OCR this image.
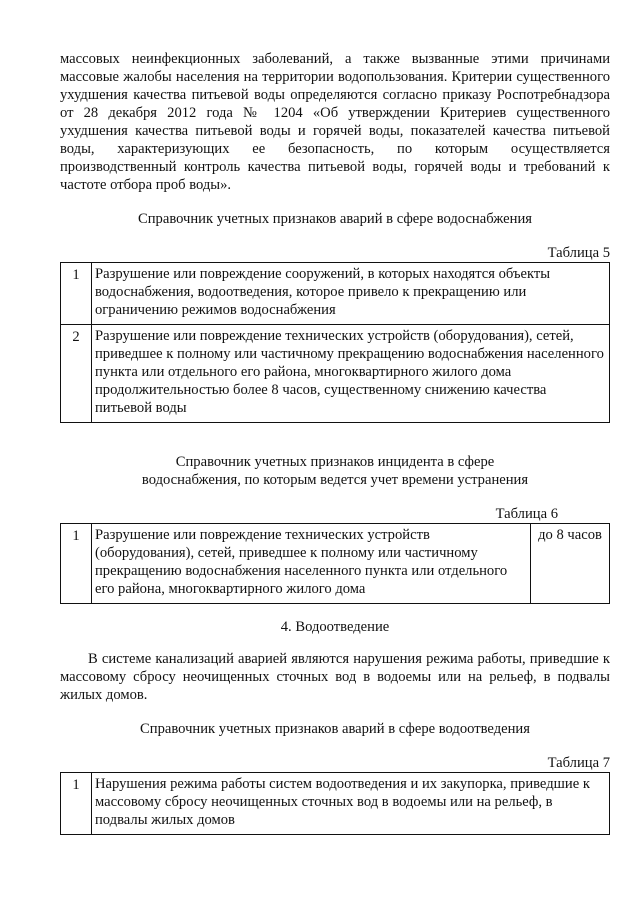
массовых неинфекционных заболеваний, а также вызванные этими причинами массовые жалобы населения на территории водопользования. Критерии существенного ухудшения качества питьевой воды определяются согласно приказу Роспотребнадзора от 28 декабря 2012 года № 1204 «Об утверждении Критериев существенного ухудшения качества питьевой воды и горячей воды, показателей качества питьевой воды, характеризующих ее безопасность, по которым осуществляется производственный контроль качества питьевой воды, горячей воды и требований к частоте отбора проб воды».

Справочник учетных признаков аварий в сфере водоснабжения

Таблица 5

1	Разрушение или повреждение сооружений, в которых находятся объекты водоснабжения, водоотведения, которое привело к прекращению или ограничению режимов водоснабжения
2	Разрушение или повреждение технических устройств (оборудования), сетей, приведшее к полному или частичному прекращению водоснабжения населенного пункта или отдельного его района, многоквартирного жилого дома продолжительностью более 8 часов, существенному снижению качества питьевой воды

Справочник учетных признаков инцидента в сфере

водоснабжения, по которым ведется учет времени устранения

Таблица 6

1	Разрушение или повреждение технических устройств (оборудования), сетей, приведшее к полному или частичному прекращению водоснабжения населенного пункта или отдельного его района, многоквартирного жилого дома	до 8 часов

4. Водоотведение

В системе канализаций аварией являются нарушения режима работы, приведшие к массовому сбросу неочищенных сточных вод в водоемы или на рельеф, в подвалы жилых домов.

Справочник учетных признаков аварий в сфере водоотведения

Таблица 7

1	Нарушения режима работы систем водоотведения и их закупорка, приведшие к массовому сбросу неочищенных сточных вод в водоемы или на рельеф, в подвалы жилых домов
